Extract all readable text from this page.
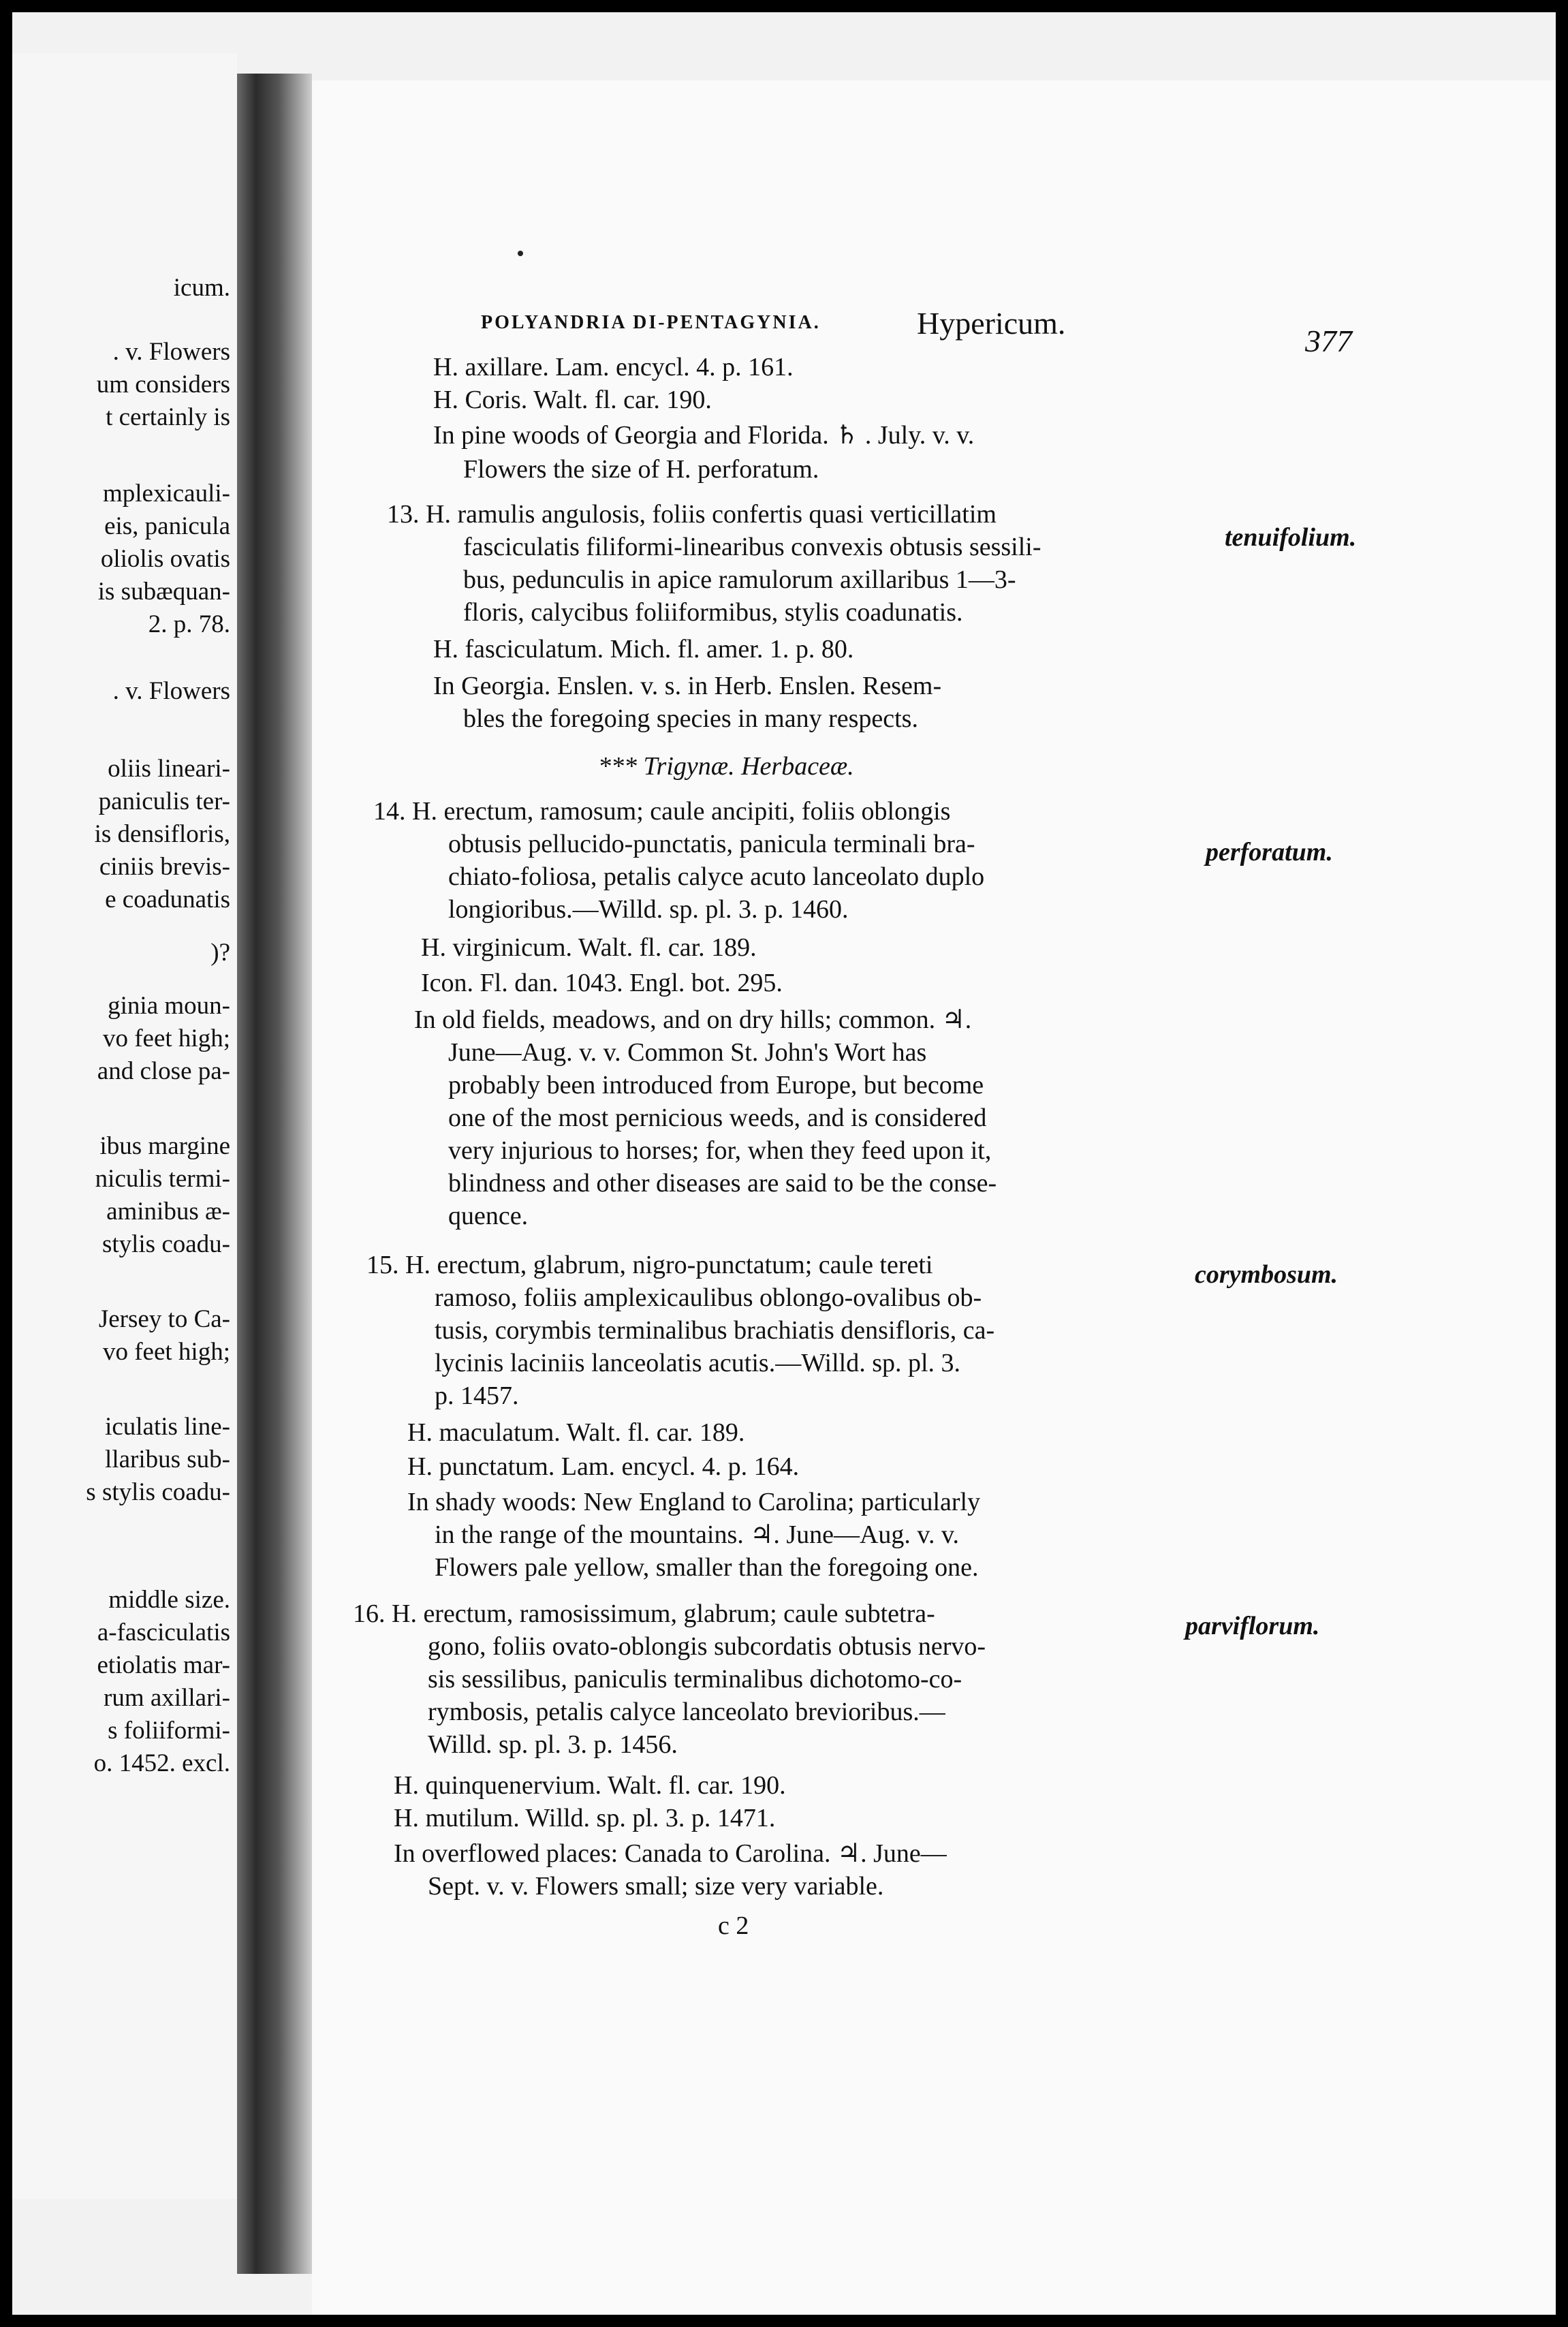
icum.
. v. Flowers
um considers
t certainly is
mplexicauli-
eis, panicula
oliolis ovatis
is subæquan-
2. p. 78.
. v. Flowers
oliis lineari-
paniculis ter-
is densifloris,
ciniis brevis-
e coadunatis
)?
ginia moun-
vo feet high;
and close pa-
ibus margine
niculis termi-
aminibus æ-
stylis coadu-
Jersey to Ca-
vo feet high;
iculatis line-
llaribus sub-
s stylis coadu-
middle size.
a-fasciculatis
etiolatis mar-
rum axillari-
s foliiformi-
o. 1452. excl.
POLYANDRIA DI-PENTAGYNIA.	Hypericum.
377
H. axillare. Lam. encycl. 4. p. 161.
H. Coris. Walt. fl. car. 190.
In pine woods of Georgia and Florida. ♄ . July. v. v.
Flowers the size of H. perforatum.
13. H. ramulis angulosis, foliis confertis quasi verticillatim
fasciculatis filiformi-linearibus convexis obtusis sessili-
bus, pedunculis in apice ramulorum axillaribus 1—3-
floris, calycibus foliiformibus, stylis coadunatis.
H. fasciculatum. Mich. fl. amer. 1. p. 80.
In Georgia. Enslen. v. s. in Herb. Enslen. Resem-
bles the foregoing species in many respects.
tenuifolium.
*** Trigynæ. Herbaceæ.
14. H. erectum, ramosum; caule ancipiti, foliis oblongis
obtusis pellucido-punctatis, panicula terminali bra-
chiato-foliosa, petalis calyce acuto lanceolato duplo
longioribus.—Willd. sp. pl. 3. p. 1460.
H. virginicum. Walt. fl. car. 189.
Icon. Fl. dan. 1043. Engl. bot. 295.
In old fields, meadows, and on dry hills; common. ♃.
June—Aug. v. v. Common St. John's Wort has
probably been introduced from Europe, but become
one of the most pernicious weeds, and is considered
very injurious to horses; for, when they feed upon it,
blindness and other diseases are said to be the conse-
quence.
perforatum.
15. H. erectum, glabrum, nigro-punctatum; caule tereti
ramoso, foliis amplexicaulibus oblongo-ovalibus ob-
tusis, corymbis terminalibus brachiatis densifloris, ca-
lycinis laciniis lanceolatis acutis.—Willd. sp. pl. 3.
p. 1457.
H. maculatum. Walt. fl. car. 189.
H. punctatum. Lam. encycl. 4. p. 164.
In shady woods: New England to Carolina; particularly
in the range of the mountains. ♃. June—Aug. v. v.
Flowers pale yellow, smaller than the foregoing one.
corymbosum.
16. H. erectum, ramosissimum, glabrum; caule subtetra-
gono, foliis ovato-oblongis subcordatis obtusis nervo-
sis sessilibus, paniculis terminalibus dichotomo-co-
rymbosis, petalis calyce lanceolato brevioribus.—
Willd. sp. pl. 3. p. 1456.
H. quinquenervium. Walt. fl. car. 190.
H. mutilum. Willd. sp. pl. 3. p. 1471.
In overflowed places: Canada to Carolina. ♃. June—
Sept. v. v. Flowers small; size very variable.
parviflorum.
c 2
